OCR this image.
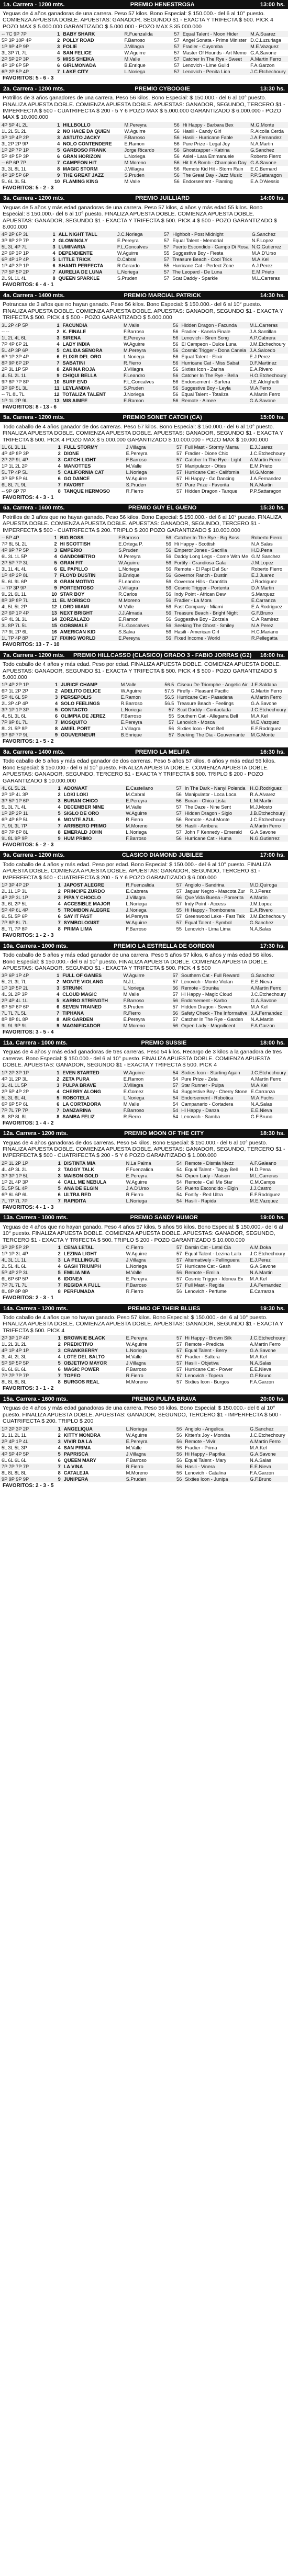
1a. Carrera - 1200 mts.	PREMIO HENESTROSA	13:00 hs.
Yeguas de 4 años ganadoras de una carrera. Peso 57 kilos. Bono Especial: $ 150.000.- del 6 al 10° puesto. COMIENZA APUESTA DOBLE. APUESTAS: GANADOR, SEGUNDO $1 - EXACTA Y TRIFECTA $ 500. PICK 4 POZO MAX $ 5.000.000 GARANTIZADO $ 5.000.000 - POZO MAX $ 35.000.000
-- 7C 9P 7P	1	BABY SHARK	R.Fuenzalida	57	Equal Talent - Moon Hider	M.A.Suarez
5P 3P 10P 4P	2	POLLY ROAD	F.Barroso	57	Angel Sonata - Prime Minister	D.C.Luzuriaga
1P 9P 4P 9P	3	FOLIE	J.Villagra	57	Fradier - Cuyomba	M.E.Vazquez
3L 3P 7L 7L	4	SAN FELICE	W.Aguirre	57	Master Of Hounds - Art Memo	G.A.Savone
2P 5P 2P 3P	5	MISS SHEIKA	M.Valle	57	Catcher In The Rye - Sweet	A.Martin Ferro
4P 1P 6P 5P	6	GIRLMONADA	B.Enrique	57	Lenovich - Lime Guild	F.A.Garzon
6P 2P 5P 4P	7	LAKE CITY	L.Noriega	57	Lenovich - Penita Lion	J.C.Etchechoury
FAVORITOS: 5 - 6 - 3
2a. Carrera - 1200 mts.	PREMIO CYBOOGIE	13:30 hs.
Potrillos de 3 años ganadores de una carrera. Peso 56 kilos. Bono Especial: $ 150.000.- del 6 al 10° puesto. FINALIZA APUESTA DOBLE. COMIENZA APUESTA DOBLE. APUESTAS: GANADOR, SEGUNDO, TERCERO $1 - IMPERFECTA $ 500 - CUATRIFECTA $ 200 - 5 Y 6 POZO MAX $ 5.000.000 GARANTIZADO $ 6.000.000 - POZO MAX $ 10.000.000
4P 5P 4L 2L	1	HILLBOLLO	M.Pereyra	56	Hi Happy - Barbara Bex	M.G.Monte
1L 2L 5L 2L	2	NO HACE DA QUIEN	W.Aguirre	56	Hasili - Candy Girl	R.Alcolla Cerda
3P 1P 4P 2P	3	ASTUTO JACKY	F.Barroso	56	Hasili - Hurricane Fable	J.A.Fernandez
3L 2P 2P 9P	4	NOLO CONTENDERE	E.Ramon	56	Pure Prize - Legal Joy	N.A.Martin
1P 2P 7P 1P	5	GARBOSO FRANK	Jorge Ricardo	56	Ghostzapper - Katrina	G.Sanchez
5P 4P 5P 3P	6	GRAN HORIZON	L.Noriega	56	Asiel - Lara Emmanuele	Roberto Fierro
-- 6P 6P 7P	7	CAMPEON HIT	M.Moreno	56	Hit It A Bomb - Champion Day	G.A.Savone
3L 3L 8L 1L	8	MAGIC STORM	J.Villagra	56	Remote Kid Hit - Storm Rain	E.C.Bernard
4P 1P 5P 6P	9	THE GREAT JAZZ	S.Pruden	56	The Great Day - Jazz Music	P.P.Sattaragon
5L 6L 3L 5L	10	FLAMING KING	M.Valle	56	Endorsement - Flaming	E.A.D'Alessio
FAVORITOS: 5 - 2 - 3
3a. Carrera - 1200 mts.	PREMIO JUILLIARD	14:00 hs.
Yeguas de 5 años y más edad ganadoras de una carrera. Peso 57 kilos, 4 años y más edad 55 kilos. Bono Especial: $ 150.000.- del 6 al 10° puesto. FINALIZA APUESTA DOBLE. COMIENZA APUESTA DOBLE. APUESTAS: GANADOR, SEGUNDO $1 - EXACTA Y TRIFECTA $ 500. PICK 4 $ 500 - POZO GARANTIZADO $ 8.000.000
4P 2P 6P 3L	1	ALL NIGHT TALL	J.C.Noriega	57	Highbolt - Post Midnight	G.Sanchez
3P 8P 2P 7P	2	GLOWINGLY	E.Pereyra	57	Equal Talent - Memorial	N.F.Lopez
5L 3L 4P 7L	3	LUMINARIA	F.L.Goncalves	57	Puerto Escondido - Campo Di Rosa	N.G.Gutierrez
2P 6P 3P 1P	4	DEPENDIENTE	W.Aguirre	55	Suggestive Boy - Fiesta	M.A.D'Urso
6P 4P 1P 4P	5	LITTLE TRICK	D.Cabral	57	Treasure Beach - Cool Trick	M.A.Kel
1P 4P 3P 1P	6	SHANTI PERFECTA	R.Gerardo	55	Hurricane Cat - Perfect Zone	A.J.Perez
7P 5P 5P 2P	7	AURELIA DE LUNA	L.Noriega	57	The Leopard - De Luna	E.M.Prieto
2L 9L 1L 4L	8	QUEEN SPARKLE	S.Pruden	57	Scat Daddy - Sparkle	M.L.Carreras
FAVORITOS: 6 - 4 - 1
4a. Carrera - 1400 mts.	PREMIO MARCIAL PATRICK	14:30 hs.
Potrancas de 3 años que no hayan ganado. Peso 56 kilos. Bono Especial: $ 150.000.- del 6 al 10° puesto. FINALIZA APUESTA DOBLE. COMIENZA APUESTA DOBLE. APUESTAS: GANADOR, SEGUNDO $1 - EXACTA Y TRIFECTA $ 500. PICK 4 $ 500 - POZO GARANTIZADO $ 5.000.000
3L 2P 4P 5P	1	FACUNDIA	M.Valle	56	Hidden Dragon - Facunda	M.L.Carreras
-- --	2	K. FINALE	F.Barroso	56	Fradier - Kanela Finale	J.A.Santillan
1L 2L 4L 6L	3	SIRENA	E.Pereyra	56	Lenovich - Siren Song	A.P.Cabrera
7P 4P 6P 2L	4	LADY INDIA	W.Aguirre	56	El Campeon - Dulce Luna	J.M.Etchechoury
5L 4P 3P 6P	5	CALIDA SENORA	M.Pereyra	56	Cosmic Trigger - Dona Canela	J.A.Salcedo
6P 1P 3P 4P	6	ELIXIR DEL ORO	L.Noriega	56	Equal Talent - Elixir	E.J.Perez
8P 9P 6P 2P	7	SABATINI	R.Fierro	56	Hurricane Cat - Miss Sabat	D.F.Martinez
2P 3L 1P 5P	8	ZARINA ROJA	J.Villagra	56	Sixties Icon - Zarina	E.A.Rivero
4L 5L 2L 1L	9	CHIQUI BELLA	F.Leandro	56	Catcher In The Rye - Bella	H.O.Etchechoury
9P 8P 7P 8P	10	SURF END	F.L.Goncalves	56	Endorsement - Surfera	J.E.Aldrighetti
3P 6P 5L 3L	11	LEYLANDIA	S.Pruden	56	Suggestive Boy - Leyla	M.A.Ferro
-- 7L 8L 7L	12	TOTALIZA TALENT	J.Noriega	56	Equal Talent - Totaliza	A.Martin Ferro
1P 1L 2P 9L	13	MIS AIMEE	E.Ramon	56	Remote - Aimee	G.A.Savone
FAVORITOS: 8 - 13 - 6
5a. Carrera - 1200 mts.	PREMIO SONET CATCH (CA)	15:00 hs.
Todo caballo de 4 años ganador de dos carreras. Peso 57 kilos. Bono Especial: $ 150.000.- del 6 al 10° puesto. FINALIZA APUESTA DOBLE. COMIENZA APUESTA DOBLE. APUESTAS: GANADOR, SEGUNDO $1 - EXACTA Y TRIFECTA $ 500. PICK 4 POZO MAX $ 5.000.000 GARANTIZADO $ 10.000.000 - POZO MAX $ 10.000.000
1L 6L 3L 1L	1	FULL STORMY	J.Villagra	57	Full Mast - Stormy Mama	E.J.Juarez
4P 4P 8P 3P	2	DIONE	E.Pereyra	57	Fradier - Dione Chic	J.C.Etchechoury
2P 2P 9L 4P	3	CATCH LIGHT	F.Barroso	57	Catcher In The Rye - Light	A.Martin Ferro
1P 1L 2L 2P	4	MANOTTES	M.Valle	57	Manipulator - Ottes	E.M.Prieto
5L 7P 4P 5L	5	CALIFORNIA CAT	L.Noriega	57	Hurricane Cat - California	M.G.Monte
3P 5P 5P 6L	6	GO DANCE	W.Aguirre	57	Hi Happy - Go Dancing	J.A.Fernandez
6L 8L 7L 9L	7	FAVORIT	S.Pruden	57	Pure Prize - Favorita	N.A.Martin
-- 9P 6P 7P	8	TANQUE HERMOSO	R.Fierro	57	Hidden Dragon - Tanque	P.P.Sattaragon
FAVORITOS: 4 - 3 - 1
6a. Carrera - 1600 mts.	PREMIO GUY EL GUENO	15:30 hs.
Potrillos de 3 años que no hayan ganado. Peso 56 kilos. Bono Especial: $ 150.000.- del 6 al 10° puesto. FINALIZA APUESTA DOBLE. COMIENZA APUESTA DOBLE. APUESTAS: GANADOR, SEGUNDO, TERCERO $1 - IMPERFECTA $ 500 - CUATRIFECTA $ 200. TRIPLO $ 200 POZO GARANTIZADO $ 10.000.000
-- 5P 4P	1	BIG BOSS	F.Barroso	56	Catcher In The Rye - Big Boss	Roberto Fierro
7P 8L 5L 2L	2	HI SCOTTISH	E.Ortega P.	56	Hi Happy - Scottish	N.A.Salas
4P 9P 7P 5P	3	EMPERIO	S.Pruden	56	Emperor Jones - Sacrilla	H.D.Pena
6L 3L 1L 5P	4	GANDOMETRO	M.Pereyra	56	Daddy Long Legs - Come With Me	G.M.Sanchez
2P 5P 7P 3L	5	GRAN FIT	W.Aguirre	56	Fortify - Grandiosa Gala	J.M.Lopez
3L 1L 4L 4L	6	EL PAPILLO	L.Noriega	56	Remote - El Papi Del Sur	Roberto Fierro
1P 4P 2P 8L	7	FLOYD DUSTIN	B.Enrique	56	Governor Ranch - Dustin	E.J.Juarez
5L 6L 9L 6P	8	GRAN MOTIVO	F.Leandro	56	Governor Hills - Grantitla	J.Rodriguez
-- 7P 3P 9P	9	PORTENTOSO	J.Villagra	56	Cosmic Trigger - Portenta	D.A.Martin
9L 2L 6L 1L	10	STAR BOY	R.Carlos	56	Indy Point - African Dew	S.Marquez
8P 3P 8P 7L	11	EL MORISCO	M.Moreno	56	Fradier - La Mora	E.Carranza
4L 5L 5L 2P	12	LORD MIAMI	M.Valle	56	Fast Company - Miami	E.A.Rodriguez
2P 6P 1P 4P	13	NEXT BRIGHT	J.J.Almada	56	Treasure Beach - Bright Night	G.F.Bruno
6P 4L 3L 3L	14	ZORZALAZO	E.Ramon	56	Suggestive Boy - Zorzala	C.A.Ramirez
3L 8P 7L 5L	15	GOBSMALE	F.L.Goncalves	56	Seeking The Ghost - Smiley	N.A.Perez
7P 9L 2P 6L	16	AMERICAN KID	S.Salva	56	Hasili - American Girl	H.C.Mariano
1L 7P 4P 8P	17	FIXING WORLD	E.Pereyra	56	Fixed Income - World	R.Pellegatta
FAVORITOS: 13 - 7 - 10
7a. Carrera - 1200 mts.	PREMIO HILLCASSO (CLASICO) GRADO 3 - FABIO JORRAS (G2)	16:00 hs.
Todo caballo de 4 años y más edad. Peso por edad. FINALIZA APUESTA DOBLE. COMIENZA APUESTA DOBLE. APUESTAS: GANADOR, SEGUNDO $1 - EXACTA Y TRIFECTA $ 500. PICK 4 $ 500 - POZO GARANTIZADO $ 5.000.000
1P 4P 2P 1P	1	JURICE CHAMP	M.Valle	56.5	Ciseau De Triomphe - Angelic Air	J.E.Saldana
6P 1L 2P 2P	2	ADELITO DELICE	W.Aguirre	57.5	Firefly - Pleasant Pacific	G.Martin Ferro
5P 4L 6L 5P	3	PERSEPOLIS	E.Ramon	56.5	Hurricane Cat - Pasadena	A.Martin Ferro
2L 3P 4P 4P	4	SOLO FEELINGS	R.Barroso	56.5	Treasure Beach - Feelings	G.A.Savone
3P 1P 1P 3P	5	CONTACTO	L.Noriega	57	Scat Daddy - Contactada	J.C.Etchechoury
4L 5L 3L 6L	6	OLIMPIA DE JEREZ	F.Barroso	55	Southern Cat - Allegarra Bell	M.A.Kel
7P 9P 8L 7L	7	MOSQUITO	E.Pereyra	57	Lenovich - Mosca	M.E.Vazquez
8L 2L 5P 8P	8	AMIEL PORT	J.Villagra	56	Sixties Icon - Port Bell	E.F.Rodriguez
9P 6P 7P 9L	9	GOUVERNEUR	B.Enrique	57	Seeking The Dia - Gouvernante	M.G.Monte
FAVORITOS: 1 - 5 - 2
8a. Carrera - 1400 mts.	PREMIO LA MELIFA	16:30 hs.
Todo caballo de 5 años y más edad ganador de dos carreras. Peso 5 años 57 kilos, 6 años y más edad 56 kilos. Bono Especial: $ 150.000.- del 6 al 10° puesto. FINALIZA APUESTA DOBLE. COMIENZA APUESTA DOBLE. APUESTAS: GANADOR, SEGUNDO, TERCERO $1 - EXACTA Y TRIFECTA $ 500. TRIPLO $ 200 - POZO GARANTIZADO $ 10.000.000
4L 6L 5L 2L	1	ADONAAT	E.Castellano	57	In The Dark - Nanyi Polenda	H.O.Rodriguez
2P 1P 4L 3P	2	LOKI LOKI	M.Cabral	56	Manipulator - Loca Loca	R.A.Alvarez
3P 5P 1P 6P	3	BURAN CHICO	E.Pereyra	56	Buran - Chica Lista	L.M.Martin
5L 3L 7L 4L	4	DECEMBER NINE	M.Valle	57	The Daze - Nine Sent	M.J.Mosto
1P 2P 2P 1L	5	SIGLO DE ORO	W.Aguirre	57	Hidden Dragon - Siglo	J.B.Etchechoury
6P 4P 6P 5L	6	MONTE AZUL	R.Fierro	56	Remote - Azul Monte	J.C.Etchechoury
7L 9L 3L 7P	7	ARRIBERO PRIMO	M.Moreno	56	Hasili - Arribera	A.Martin Ferro
8P 7P 8P 8L	8	EMERALD JOHN	L.Noriega	57	John F Kennedy - Emerald	G.A.Savone
9L 8L 9P 9P	9	HUM PRIMO	F.Barroso	56	Hurricane Cat - Huma	N.G.Gutierrez
FAVORITOS: 5 - 2 - 3
9a. Carrera - 1200 mts.	CLASICO DIAMOND JUBILEE	17:00 hs.
Todo caballo de 4 años y más edad. Peso por edad. Bono Especial: $ 150.000.- del 6 al 10° puesto. FINALIZA APUESTA DOBLE. COMIENZA APUESTA DOBLE. APUESTAS: GANADOR, SEGUNDO, TERCERO $1 - IMPERFECTA $ 500 - CUATRIFECTA $ 200 - 5 Y 6 POZO GARANTIZADO $ 6.000.000
1P 3P 4P 2P	1	JAPOST ALEGRE	R.Fuenzalida	57	Angiolo - Sandrina	M.D.Quiroga
2L 1L 1P 3L	2	PRINCIPE ZURDO	E.Cabrera	57	Jaguar Negro - Mascota Zur	R.J.Perez
4P 2P 3L 1P	3	PIPA Y CHOCLO	J.Villagra	56	Que Vida Buena - Pomerita	A.Martin
3L 6L 2P 5L	4	ACCESIBLE MAJOR	L.Noriega	57	Indy Point - Access	J.M.Lopez
5P 4P 6L 4P	5	TROMBON ALEGRE	J.Noriega	55	Hi Happy - Trombonera	E.A.Rivero
6L 5L 5P 6P	6	SAY IT FAST	M.Pereyra	57	Greenwood Lake - Fast Talk	J.M.Etchechoury
7P 8P 8L 7L	7	SYMBOLOGIST	W.Aguirre	57	Equal Talent - Symbol	G.Sanchez
8L 7L 7P 8P	8	PRIMA LIMA	F.Barroso	55	Lenovich - Lima Lima	N.A.Salas
FAVORITOS: 1 - 2 - 3
10a. Carrera - 1000 mts.	PREMIO LA ESTRELLA DE GORDON	17:30 hs.
Todo caballo de 5 años y más edad ganador de una carrera. Peso 5 años 57 kilos, 6 años y más edad 56 kilos. Bono Especial: $ 150.000.- del 6 al 10° puesto. FINALIZA APUESTA DOBLE. COMIENZA APUESTA DOBLE. APUESTAS: GANADOR, SEGUNDO $1 - EXACTA Y TRIFECTA $ 500. PICK 4 $ 500
3P 6P 1P 4P	1	FULL OF GAMES	W.Aguirre	57	Southern Cat - Full Reward	G.Sanchez
5L 2L 3L 7L	2	MONTE VIOLANG	N.J.L.	57	Lenovich - Monte Violan	E.E.Nieva
1P 1P 5P 2L	3	STRUNK	L.Noriega	56	Remote - Strunka	A.Martin Ferro
4L 3L 2P 3P	4	CLOUD MAGIC	M.Valle	57	Hi Happy - Magic Cloud	J.C.Etchechoury
2P 4P 4L 1L	5	KARBO STRENGTH	F.Barroso	56	Endorsement - Karbo	G.A.Savone
6P 5P 6P 6P	6	SEVEN TRAINED	S.Pruden	57	Hidden Dragon - Seven	M.A.Kel
7L 7L 7L 5L	7	TIPHANA	R.Fierro	56	Safety Check - The Informative	J.A.Fernandez
8P 8P 8L 8P	8	AIR GARDEN	E.Pereyra	57	Catcher In The Rye - Garden	N.A.Martin
9L 9L 9P 9L	9	MAGNIFICADOR	M.Moreno	56	Orpen Lady - Magnificent	F.A.Garzon
FAVORITOS: 3 - 5 - 4
11a. Carrera - 1000 mts.	PREMIO SUSSIE	18:00 hs.
Yeguas de 4 años y más edad ganadoras de tres carreras. Peso 54 kilos. Recargo de 3 kilos a la ganadora de tres carreras. Bono Especial: $ 150.000.- del 6 al 10° puesto. FINALIZA APUESTA DOBLE. COMIENZA APUESTA DOBLE. APUESTAS: GANADOR, SEGUNDO $1 - EXACTA Y TRIFECTA $ 500. PICK 4
1P 2P 3P 1P	1	EVEN STARTED	W.Aguirre	54	Sixties Icon - Starting Again	J.C.Etchechoury
4P 1L 2P 3L	2	ZETA PURA	E.Ramon	54	Pure Prize - Zeta	A.Martin Ferro
3L 4L 1L 5P	3	PULPA BRAVE	J.Villagra	57	Star Runner - Pulpa	M.A.Kel
2P 5P 4P 2P	4	CHERRY ALONG	E.Gomez	54	Suggestive Boy - Cherry Stone	E.Carranza
5L 3L 6L 4L	5	ROBOTELA	L.Noriega	54	Endorsement - Robotica	M.A.Fuchs
6P 6P 5P 6L	6	LA CORTADORA	M.Valle	54	Campanario - Cortadera	N.A.Salas
7P 7L 7P 7P	7	DANZARINA	F.Barroso	54	Hi Happy - Danza	E.E.Nieva
8L 8P 8L 8L	8	SAMBA FELIZ	R.Fierro	54	Lenovich - Samba	G.F.Bruno
FAVORITOS: 1 - 4 - 2
12a. Carrera - 1200 mts.	PREMIO MOON OF THE CITY	18:30 hs.
Yeguas de 4 años ganadoras de dos carreras. Peso 54 kilos. Bono Especial: $ 150.000.- del 6 al 10° puesto. FINALIZA APUESTA DOBLE. COMIENZA APUESTA DOBLE. APUESTAS: GANADOR, SEGUNDO, TERCERO $1 - IMPERFECTA $ 500 - CUATRIFECTA $ 200 - 5 Y 6 POZO GARANTIZADO $ 1.000.000
2P 1L 2P 1P	1	DISTINTA MIA	N.La Palma	54	Remote - Dismia Mezz	A.F.Galeano
4L 4P 3L 2L	2	TAGGY TALK	F.Fuenzalida	54	Equal Talent - Taggy Bell	H.D.Pena
3P 3P 1P 5L	3	MAISON GOLD	E.Pereyra	54	Orpen Lady - Maison	M.L.Carreras
1P 2L 4P 3P	4	CALL ME NEBULA	W.Aguirre	54	Remote - Call Me Star	C.M.Camps
5L 5P 5L 4P	5	ANA DE ELGIN	J.A.D'Urso	54	Puerto Escondido - Elgin	J.J.Castro
6P 6L 6P 6L	6	ULTRA RED	R.Fierro	54	Fortify - Red Ultra	E.F.Rodriguez
7L 7P 7L 7P	7	RAPIDITA	L.Noriega	54	Hasili - Rapida	M.E.Vazquez
FAVORITOS: 4 - 1 - 3
13a. Carrera - 1000 mts.	PREMIO SANDY HUMOR	19:00 hs.
Yeguas de 4 años que no hayan ganado. Peso 4 años 57 kilos, 5 años 56 kilos. Bono Especial: $ 150.000.- del 6 al 10° puesto. FINALIZA APUESTA DOBLE. COMIENZA APUESTA DOBLE. APUESTAS: GANADOR, SEGUNDO, TERCERO $1 - EXACTA Y TRIFECTA $ 500. TRIPLO $ 200 - POZO GARANTIZADO $ 10.000.000
3P 2P 5P 2P	1	CENA LETAL	C.Fierro	57	Darsin Cat - Letal Cia	A.M.Doka
1P 1P 3L 4P	2	LEZINA LIGHT	W.Aguirre	57	Equal Talent - Lezina Laila	J.C.Etchechoury
4L 3L 1L 1L	3	LA PELLINGUE	J.Villagra	57	Alternatively - Pellinguera	E.J.Perez
2L 5L 4L 6L	4	GASH TRIUMPH	L.Noriega	57	Hurricane Cat - Gash	G.A.Savone
5P 4P 2P 3L	5	EMILIA MIA	M.Valle	56	Remote - Emilia	N.A.Martin
6L 6P 6P 5P	6	IDONEA	E.Pereyra	57	Cosmic Trigger - Idonea Ex	M.A.Kel
7P 7L 7L 7L	7	REGIDA A FULL	F.Barroso	57	Full Mast - Regida	J.A.Fernandez
8L 8P 8P 8P	8	PERFUMADA	R.Fierro	56	Lenovich - Perfume	E.Carranza
FAVORITOS: 2 - 3 - 1
14a. Carrera - 1200 mts.	PREMIO OF THEIR BLUES	19:30 hs.
Todo caballo de 4 años que no hayan ganado. Peso 57 kilos. Bono Especial: $ 150.000.- del 6 al 10° puesto. FINALIZA APUESTA DOBLE. COMIENZA APUESTA DOBLE. APUESTAS: GANADOR, SEGUNDO $1 - EXACTA Y TRIFECTA $ 500. PICK 4
2P 3P 1P 4P	1	BROWNIE BLACK	E.Pereyra	57	Hi Happy - Brown Silk	J.C.Etchechoury
1L 2L 3L 2L	2	PREDICTIVO	W.Aguirre	57	Remote - Predicta	A.Martin Ferro
4P 1P 4P 1P	3	CRANKBERRY	L.Noriega	57	Equal Talent - Berry	G.A.Savone
3L 4L 2L 3L	4	LOTE DEL SALTO	M.Valle	57	Fradier - Saltera	M.A.Kel
5P 5P 5P 5P	5	OBJETIVO MAYOR	J.Villagra	57	Hasili - Objetiva	N.A.Salas
6L 6L 6L 6L	6	MAGIC POWER	F.Barroso	57	Hurricane Cat - Power	E.E.Nieva
7P 7P 7P 7P	7	TOPEO	R.Fierro	57	Lenovich - Topera	G.F.Bruno
8L 8L 8L 8L	8	BURGOS REAL	M.Moreno	57	Sixties Icon - Burgos	F.A.Garzon
FAVORITOS: 3 - 1 - 2
15a. Carrera - 1600 mts.	PREMIO PULPA BRAVA	20:00 hs.
Yeguas de 4 años y más edad ganadoras de una carrera. Peso 56 kilos. Bono Especial: $ 150.000.- del 6 al 10° puesto. FINALIZA APUESTA DOBLE. APUESTAS: GANADOR, SEGUNDO, TERCERO $1 - IMPERFECTA $ 500 - CUATRIFECTA $ 200. TRIPLO $ 200
1P 2P 3P 2P	1	ANGELIQUA	L.Noriega	56	Angiolo - Angelica	G.Sanchez
3L 1L 2L 1L	2	KITTY MONDRA	W.Aguirre	56	Kitten's Joy - Mondra	J.C.Etchechoury
2P 4P 1P 4L	3	VIVIR DA LA	E.Pereyra	56	Remote - Vivir	A.Martin Ferro
5L 3L 5L 3P	4	SAN PRIMA	M.Valle	56	Fradier - Prima	M.A.Kel
4P 5P 4P 5P	5	PAPRISCA	J.Villagra	56	Hi Happy - Paprika	G.A.Savone
6L 6L 6L 6L	6	QUEEN MARY	F.Barroso	56	Equal Talent - Mary	N.A.Salas
7P 7P 7P 7P	7	LA VINA	R.Fierro	56	Hasili - Vinera	E.E.Nieva
8L 8L 8L 8L	8	CATALEJA	M.Moreno	56	Lenovich - Catalina	F.A.Garzon
9P 9P 9P 9P	9	JUNIPERA	S.Pruden	56	Sixties Icon - Junipa	G.F.Bruno
FAVORITOS: 2 - 3 - 5
